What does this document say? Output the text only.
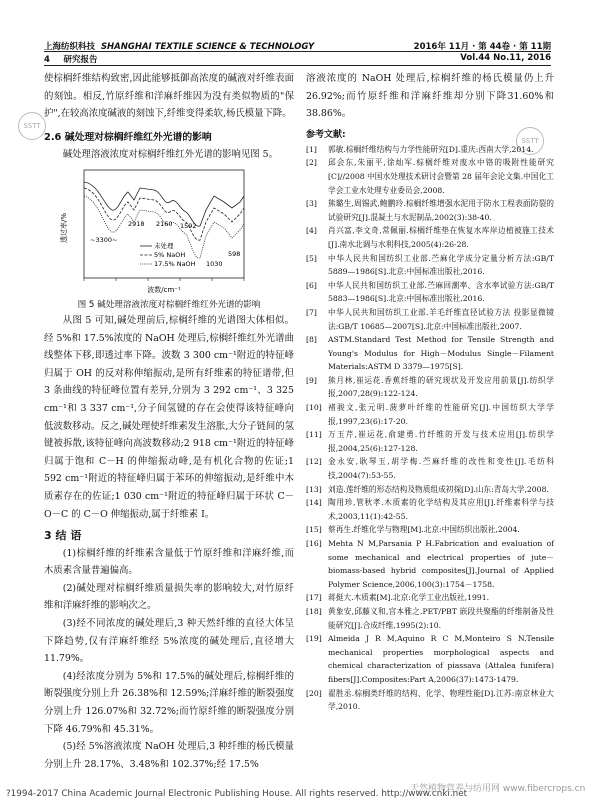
上海纺织科技 SHANGHAI TEXTILE SCIENCE & TECHNOLOGY	2016年 11月 · 第 44卷 · 第 11期
4 研究报告	Vol.44 No.11, 2016
SSTT
SSTT

使棕榈纤维结构致密,因此能够抵御高浓度的碱液对纤维表面的刻蚀。相反,竹原纤维和洋麻纤维因为没有类似物质的"保护",在较高浓度碱液的刻蚀下,纤维变得柔软,杨氏模量下降。

2.6 碱处理对棕榈纤维红外光谱的影响

碱处理溶液浓度对棕榈纤维红外光谱的影响见图 5。

透过率/%
波数/cm⁻¹
~3300~
2918 2160 1592
1030
598
未处理
5% NaOH
17.5% NaOH

图 5 碱处理溶液浓度对棕榈纤维红外光谱的影响

从图 5 可知,碱处理前后,棕榈纤维的光谱图大体相似。经 5%和 17.5%浓度的 NaOH 处理后,棕榈纤维红外光谱曲线整体下移,即透过率下降。波数 3 300 cm⁻¹附近的特征峰归属于 OH 的反对称伸缩振动,是所有纤维素的特征谱带,但 3 条曲线的特征峰位置有差异,分别为 3 292 cm⁻¹、3 325 cm⁻¹和 3 337 cm⁻¹,分子间氢键的存在会使得该特征峰向低波数移动。反之,碱处理使纤维素发生溶胀,大分子链间的氢键被拆散,该特征峰向高波数移动;2 918 cm⁻¹附近的特征峰归属于饱和 C－H 的伸缩振动峰,是有机化合物的佐证;1 592 cm⁻¹附近的特征峰归属于苯环的伸缩振动,是纤维中木质素存在的佐证;1 030 cm⁻¹附近的特征峰归属于环状 C－O－C 的 C－O 伸缩振动,属于纤维素 Ⅰ。

3 结 语

(1)棕榈纤维的纤维素含量低于竹原纤维和洋麻纤维,而木质素含量普遍偏高。

(2)碱处理对棕榈纤维质量损失率的影响较大,对竹原纤维和洋麻纤维的影响次之。

(3)经不同浓度的碱处理后,3 种天然纤维的直径大体呈下降趋势,仅有洋麻纤维经 5%浓度的碱处理后,直径增大 11.79%。

(4)经浓度分别为 5%和 17.5%的碱处理后,棕榈纤维的断裂强度分别上升 26.38%和 12.59%;洋麻纤维的断裂强度分别上升 126.07%和 32.72%;而竹原纤维的断裂强度分别下降 46.79%和 45.31%。

(5)经 5%溶液浓度 NaOH 处理后,3 种纤维的杨氏模量分别上升 28.17%、3.48%和 102.37%;经 17.5%

溶液浓度的 NaOH 处理后,棕榈纤维的杨氏模量仍上升 26.92%;而竹原纤维和洋麻纤维却分别下降31.60%和 38.86%。

参考文献:

[1]	郭敏.棕榈纤维结构与力学性能研究[D].重庆:西南大学,2014.
[2]	邱会东,朱丽平,徐灿军.棕榈纤维对废水中铬的吸附性能研究[C]//2008 中国水处理技术研讨会暨第 28 届年会论文集.中国化工学会工业水处理专业委员会,2008.
[3]	熊璐生,周锡武,鲍鹏玲.棕榈纤维增强水泥用于防水工程表面防裂的试验研究[J].混凝土与水泥制品,2002(3):38-40.
[4]	肖兴富,李文奇,常佩丽.棕榈纤维垫在恢复水库岸边植被施工技术[J].南水北调与水利科技,2005(4):26-28.
[5]	中华人民共和国纺织工业部.苎麻化学成分定量分析方法:GB/T 5889—1986[S].北京:中国标准出版社,2016.
[6]	中华人民共和国纺织工业部.苎麻回潮率、含水率试验方法:GB/T 5883—1986[S].北京:中国标准出版社,2016.
[7]	中华人民共和国纺织工业部.羊毛纤维直径试验方法 投影显微镜法:GB/T 10685—2007[S].北京:中国标准出版社,2007.
[8]	ASTM.Standard Test Method for Tensile Strength and Young's Modulus for High－Modulus Single－Filament Materials:ASTM D 3379—1975[S].
[9]	熊月林,崔运花.香蕉纤维的研究现状及开发应用前景[J].纺织学报,2007,28(9):122-124.
[10] 褚骏文,张元明.菠萝叶纤维的性能研究[J].中国纺织大学学报,1997,23(6):17-20.
[11] 万玉芹,崔运花,俞建勇.竹纤维的开发与技术应用[J].纺织学报,2004,25(6):127-128.
[12] 金永安,耿琴玉,胡学梅.苎麻纤维的改性和变性[J].毛纺科技,2004(7):53-55.
[13] 刘造.莲纤维的形态结构及物质组成初探[D].山东:青岛大学,2008.
[14] 陶用珍,管秋孝.木质素的化学结构及其应用[J].纤维素科学与技术,2003,11(1):42-55.
[15] 蔡再生.纤维化学与物理[M].北京:中国纺织出版社,2004.
[16] Mehta N M,Parsania P H.Fabrication and evaluation of some mechanical and electrical properties of jute－biomass-based hybrid composites[J].Journal of Applied Polymer Science,2006,100(3):1754－1758.
[17] 蒋挺大.木质素[M].北京:化学工业出版社,1991.
[18] 黄象安,邱藤义和,宫本雅之.PET/PBT 嵌段共聚酯的纤维制备及性能研究[J].合成纤维,1995(2):10.
[19] Almeida J R M,Aquino R C M,Monteiro S N.Tensile mechanical properties morphological aspects and chemical characterization of piassava (Attalea funifera) fibers[J].Composites:Part A,2006(37):1473-1479.
[20] 翟胜丞.棕榈类纤维的结构、化学、物理性能[D].江苏:南京林业大学,2010.
?1994-2017 China Academic Journal Electronic Publishing House. All rights reserved. http://www.cnki.net
天然植物营养与纺用网 www.fibercrops.cn
